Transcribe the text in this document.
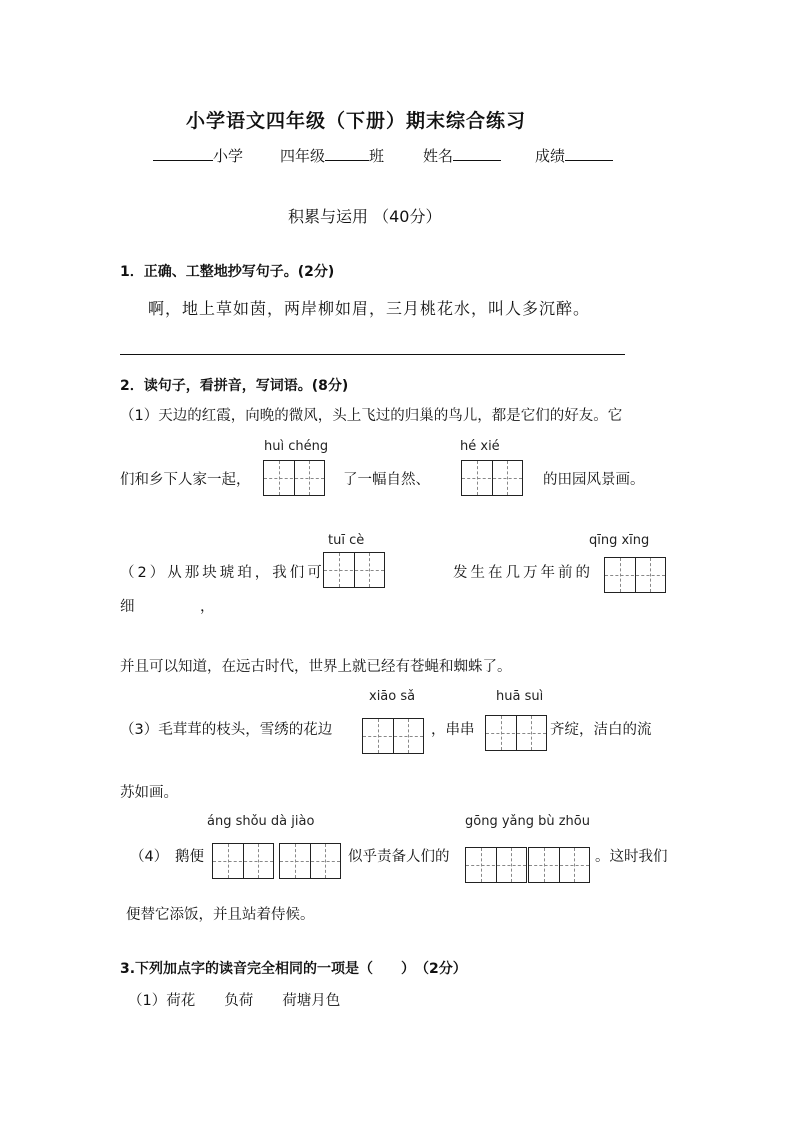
小学语文四年级（下册）期末综合练习
小学 四年级	班	姓名	成绩
积累与运用 （40分）
1．正确、工整地抄写句子。(2分)
啊，地上草如茵，两岸柳如眉，三月桃花水，叫人多沉醉。
2．读句子，看拼音，写词语。(8分)
（1）天边的红霞，向晚的微风，头上飞过的归巢的鸟儿，都是它们的好友。它
huì chéng	hé xié
们和乡下人家一起，	了一幅自然、	的田园风景画。
tuī cè	qīng xīng
（2）从那块琥珀，我们可	发生在几万年前的
细	，
并且可以知道，在远古时代，世界上就已经有苍蝇和蜘蛛了。
xiāo sǎ	huā suì
（3）毛茸茸的枝头，雪绣的花边	，串串	齐绽，洁白的流
苏如画。
áng shǒu dà jiào	gōng yǎng bù zhōu
（4） 鹅便	似乎责备人们的	。这时我们
便替它添饭，并且站着侍候。
3.下列加点字的读音完全相同的一项是（　　）　（2分）
（1）荷花　　负荷　　荷塘月色
